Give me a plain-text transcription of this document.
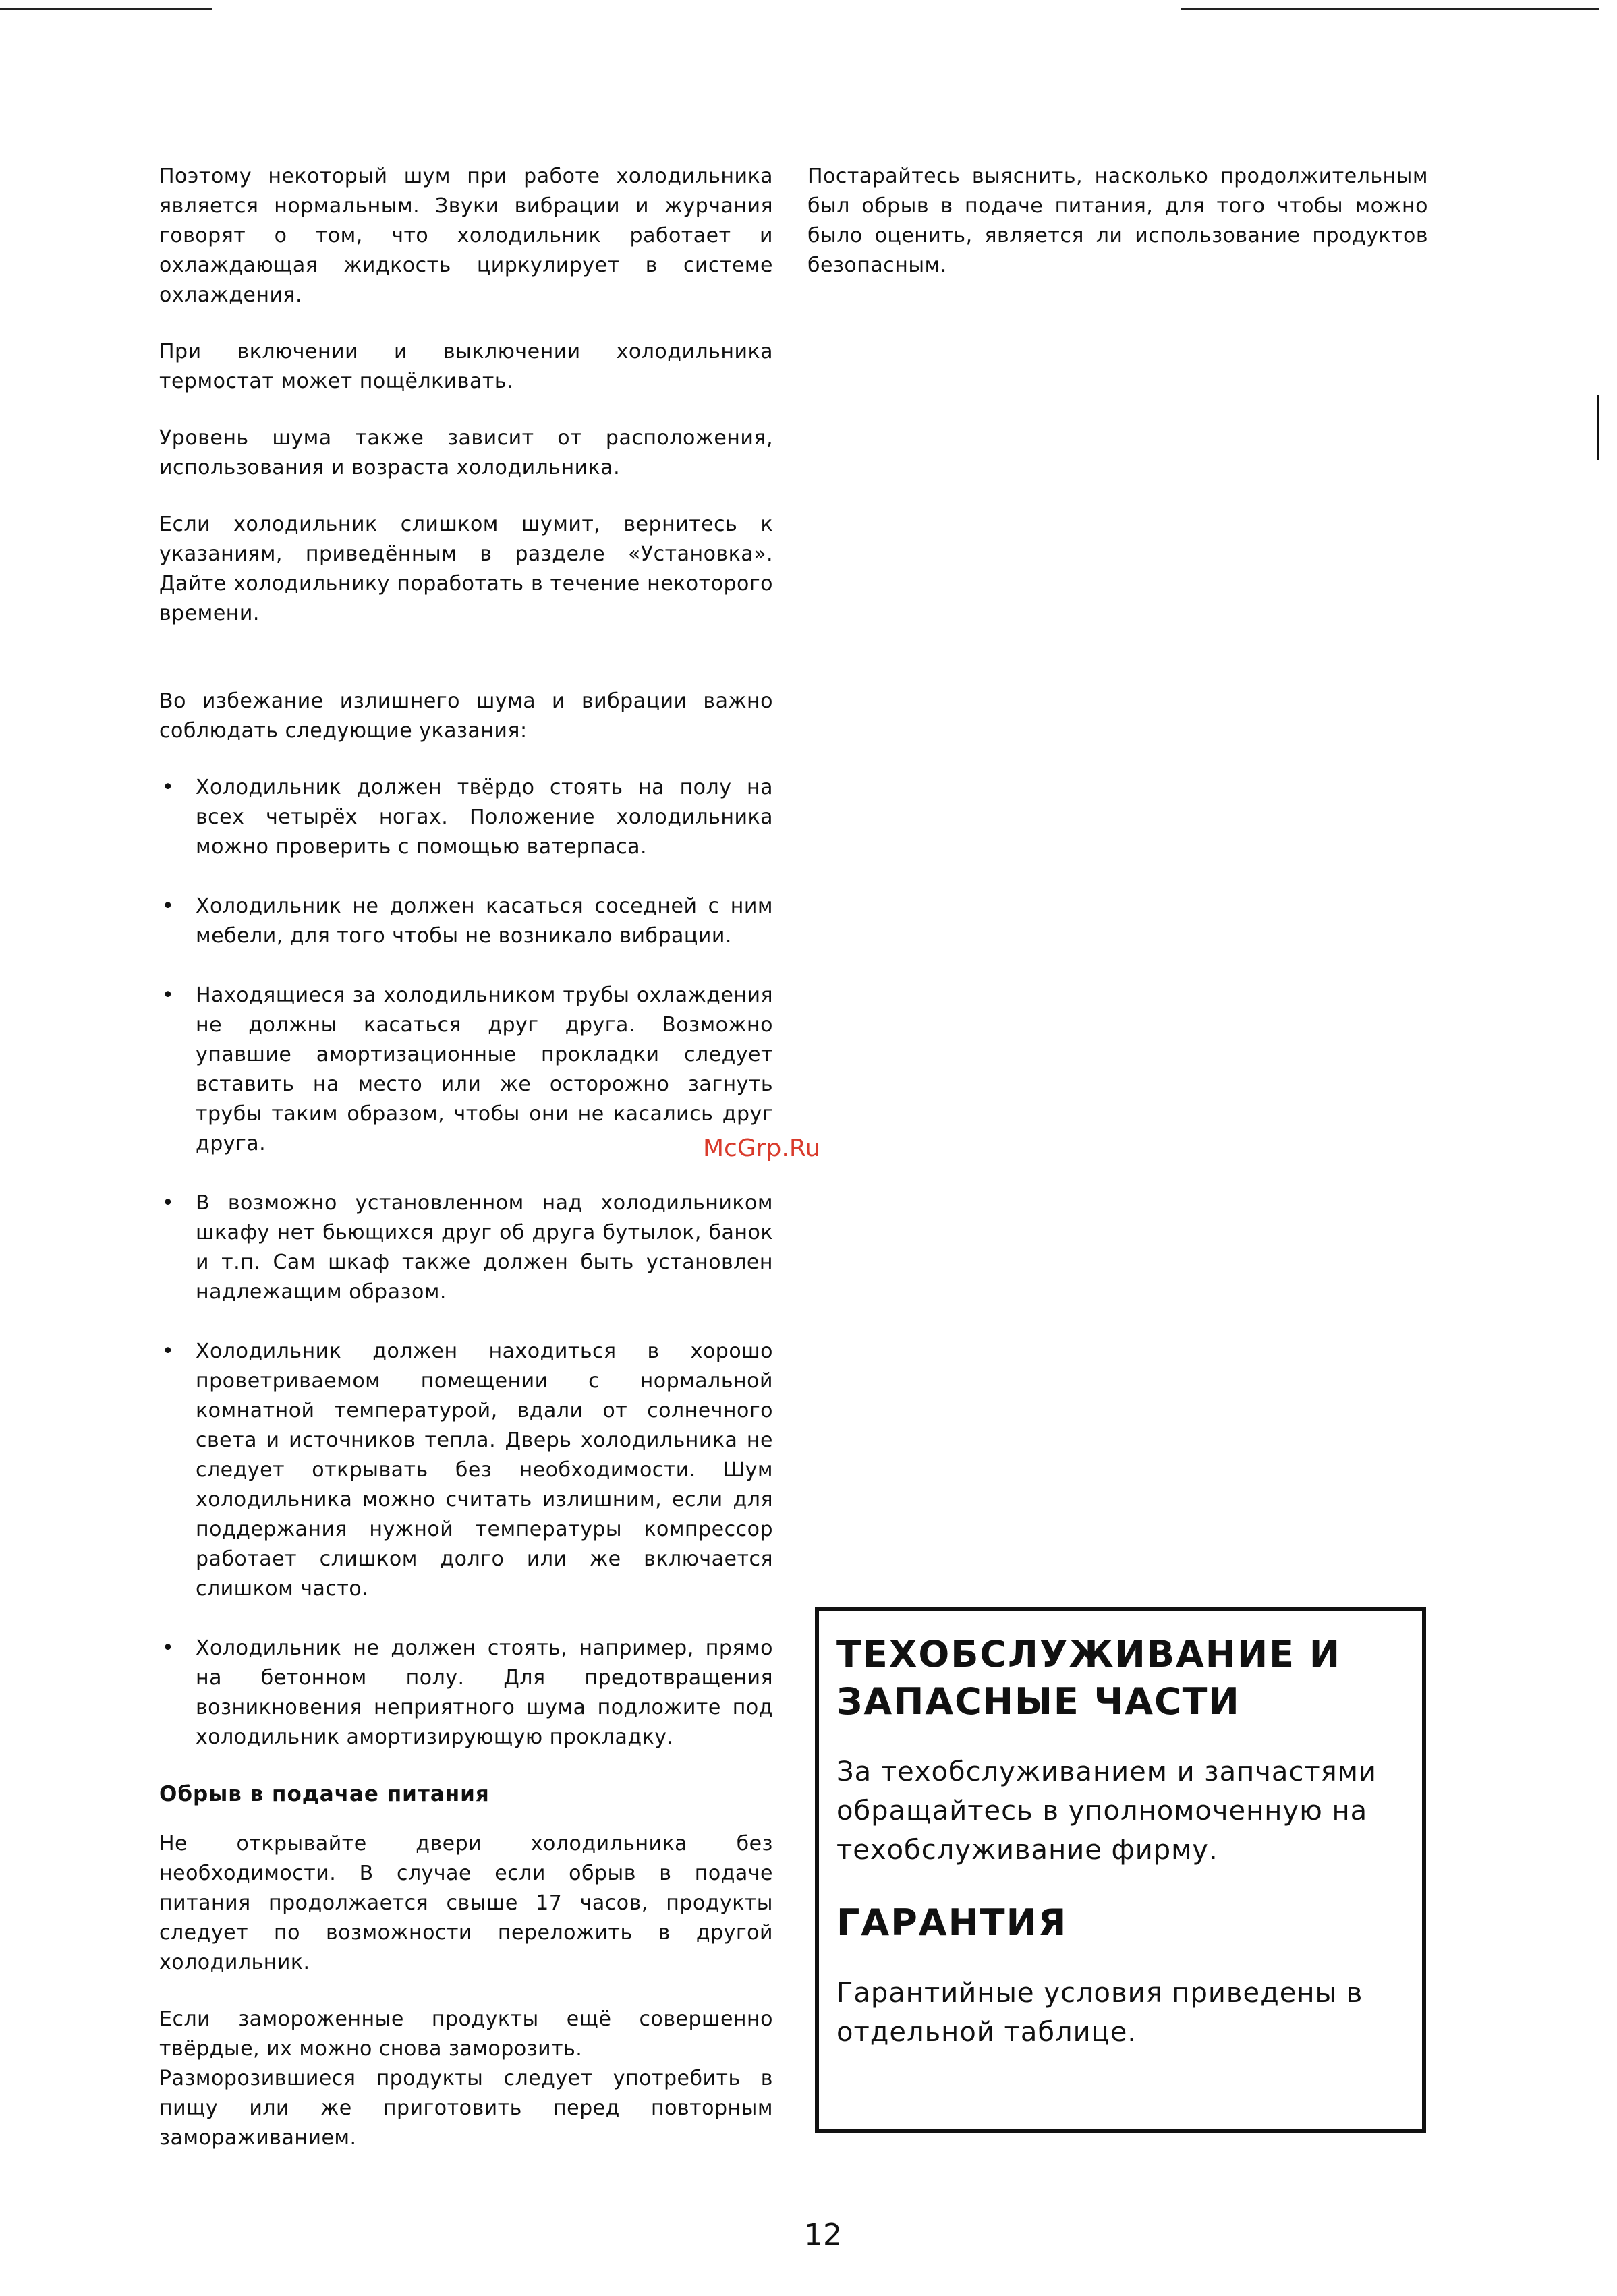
Поэтому некоторый шум при работе холодильника является нормальным. Звуки вибрации и журчания говорят о том, что холодильник работает и охлаждающая жидкость циркулирует в системе охлаждения.

При включении и выключении холодильника термостат может пощёлкивать.

Уровень шума также зависит от расположения, использования и возраста холодильника.

Если холодильник слишком шумит, вернитесь к указаниям, приведённым в разделе «Установка». Дайте холодильнику поработать в течение некоторого времени.

Во избежание излишнего шума и вибрации важно соблюдать следующие указания:

• Холодильник должен твёрдо стоять на полу на всех четырёх ногах. Положение холодильника можно проверить с помощью ватерпаса.
• Холодильник не должен касаться соседней с ним мебели, для того чтобы не возникало вибрации.
• Находящиеся за холодильником трубы охлаждения не должны касаться друг друга. Возможно упавшие амортизационные прокладки следует вставить на место или же осторожно загнуть трубы таким образом, чтобы они не касались друг друга.
• В возможно установленном над холодильником шкафу нет бьющихся друг об друга бутылок, банок и т.п. Сам шкаф также должен быть установлен надлежащим образом.
• Холодильник должен находиться в хорошо проветриваемом помещении с нормальной комнатной температурой, вдали от солнечного света и источников тепла. Дверь холодильника не следует открывать без необходимости. Шум холодильника можно считать излишним, если для поддержания нужной температуры компрессор работает слишком долго или же включается слишком часто.
• Холодильник не должен стоять, например, прямо на бетонном полу. Для предотвращения возникновения неприятного шума подложите под холодильник амортизирующую прокладку.
Обрыв в подачае питания

Не открывайте двери холодильника без необходимости. В случае если обрыв в подаче питания продолжается свыше 17 часов, продукты следует по возможности переложить в другой холодильник.

Если замороженные продукты ещё совершенно твёрдые, их можно снова заморозить.

Разморозившиеся продукты следует употребить в пищу или же приготовить перед повторным замораживанием.

Постарайтесь выяснить, насколько продолжительным был обрыв в подаче питания, для того чтобы можно было оценить, является ли использование продуктов безопасным.

McGrp.Ru
ТЕХОБСЛУЖИВАНИЕ И ЗАПАСНЫЕ ЧАСТИ

За техобслуживанием и запчастями обращайтесь в уполномоченную на техобслуживание фирму.

ГАРАНТИЯ

Гарантийные условия приведены в отдельной таблице.

12
